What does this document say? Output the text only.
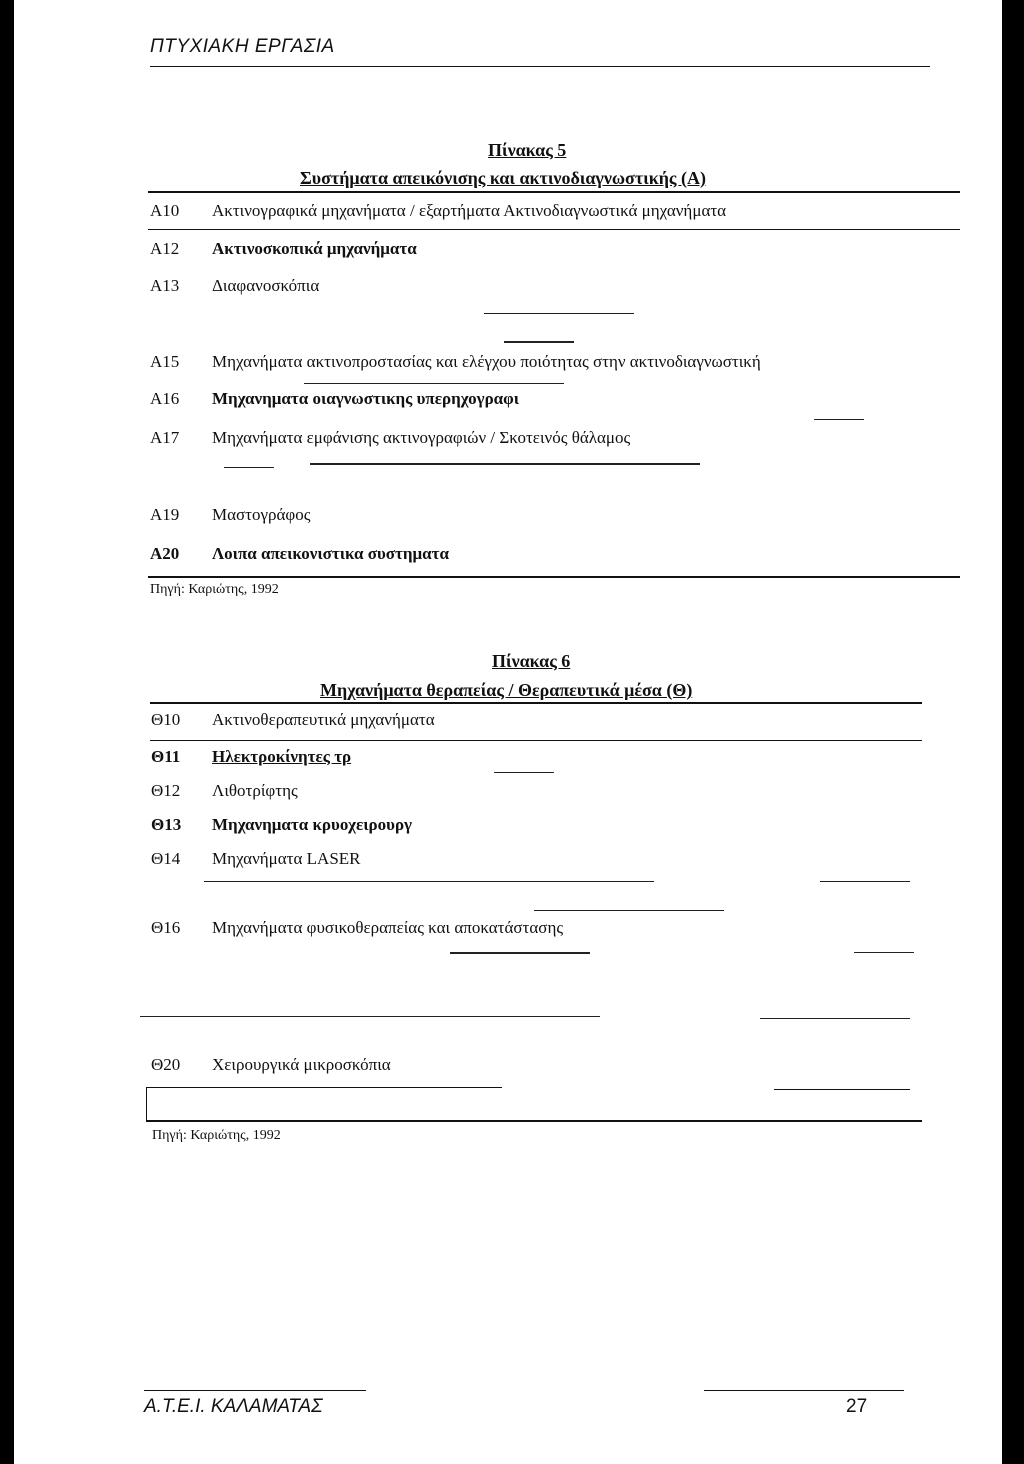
ΠΤΥΧΙΑΚΗ ΕΡΓΑΣΙΑ
Πίνακας 5
Συστήματα απεικόνισης και ακτινοδιαγνωστικής (Α)
Α10 Ακτινογραφικά μηχανήματα / εξαρτήματα Ακτινοδιαγνωστικά μηχανήματα
Α12 Ακτινοσκοπικά μηχανήματα
Α13 Διαφανοσκόπια
Α15 Μηχανήματα ακτινοπροστασίας και ελέγχου ποιότητας στην ακτινοδιαγνωστική
Α16 Μηχανηματα οιαγνωστικης υπερηχογραφι
Α17 Μηχανήματα εμφάνισης ακτινογραφιών / Σκοτεινός θάλαμος
Α19 Μαστογράφος
Α20 Λοιπα απεικονιστικα συστηματα
Πηγή: Καριώτης, 1992
Πίνακας 6
Μηχανήματα θεραπείας / Θεραπευτικά μέσα (Θ)
Θ10 Ακτινοθεραπευτικά μηχανήματα
Θ11 Ηλεκτροκίνητες τρ
Θ12 Λιθοτρίφτης
Θ13 Μηχανηματα κρυοχειρουργ
Θ14 Μηχανήματα LASER
Θ16 Μηχανήματα φυσικοθεραπείας και αποκατάστασης
Θ20 Χειρουργικά μικροσκόπια
Πηγή: Καριώτης, 1992
Α.Τ.Ε.Ι. ΚΑΛΑΜΑΤΑΣ	27
